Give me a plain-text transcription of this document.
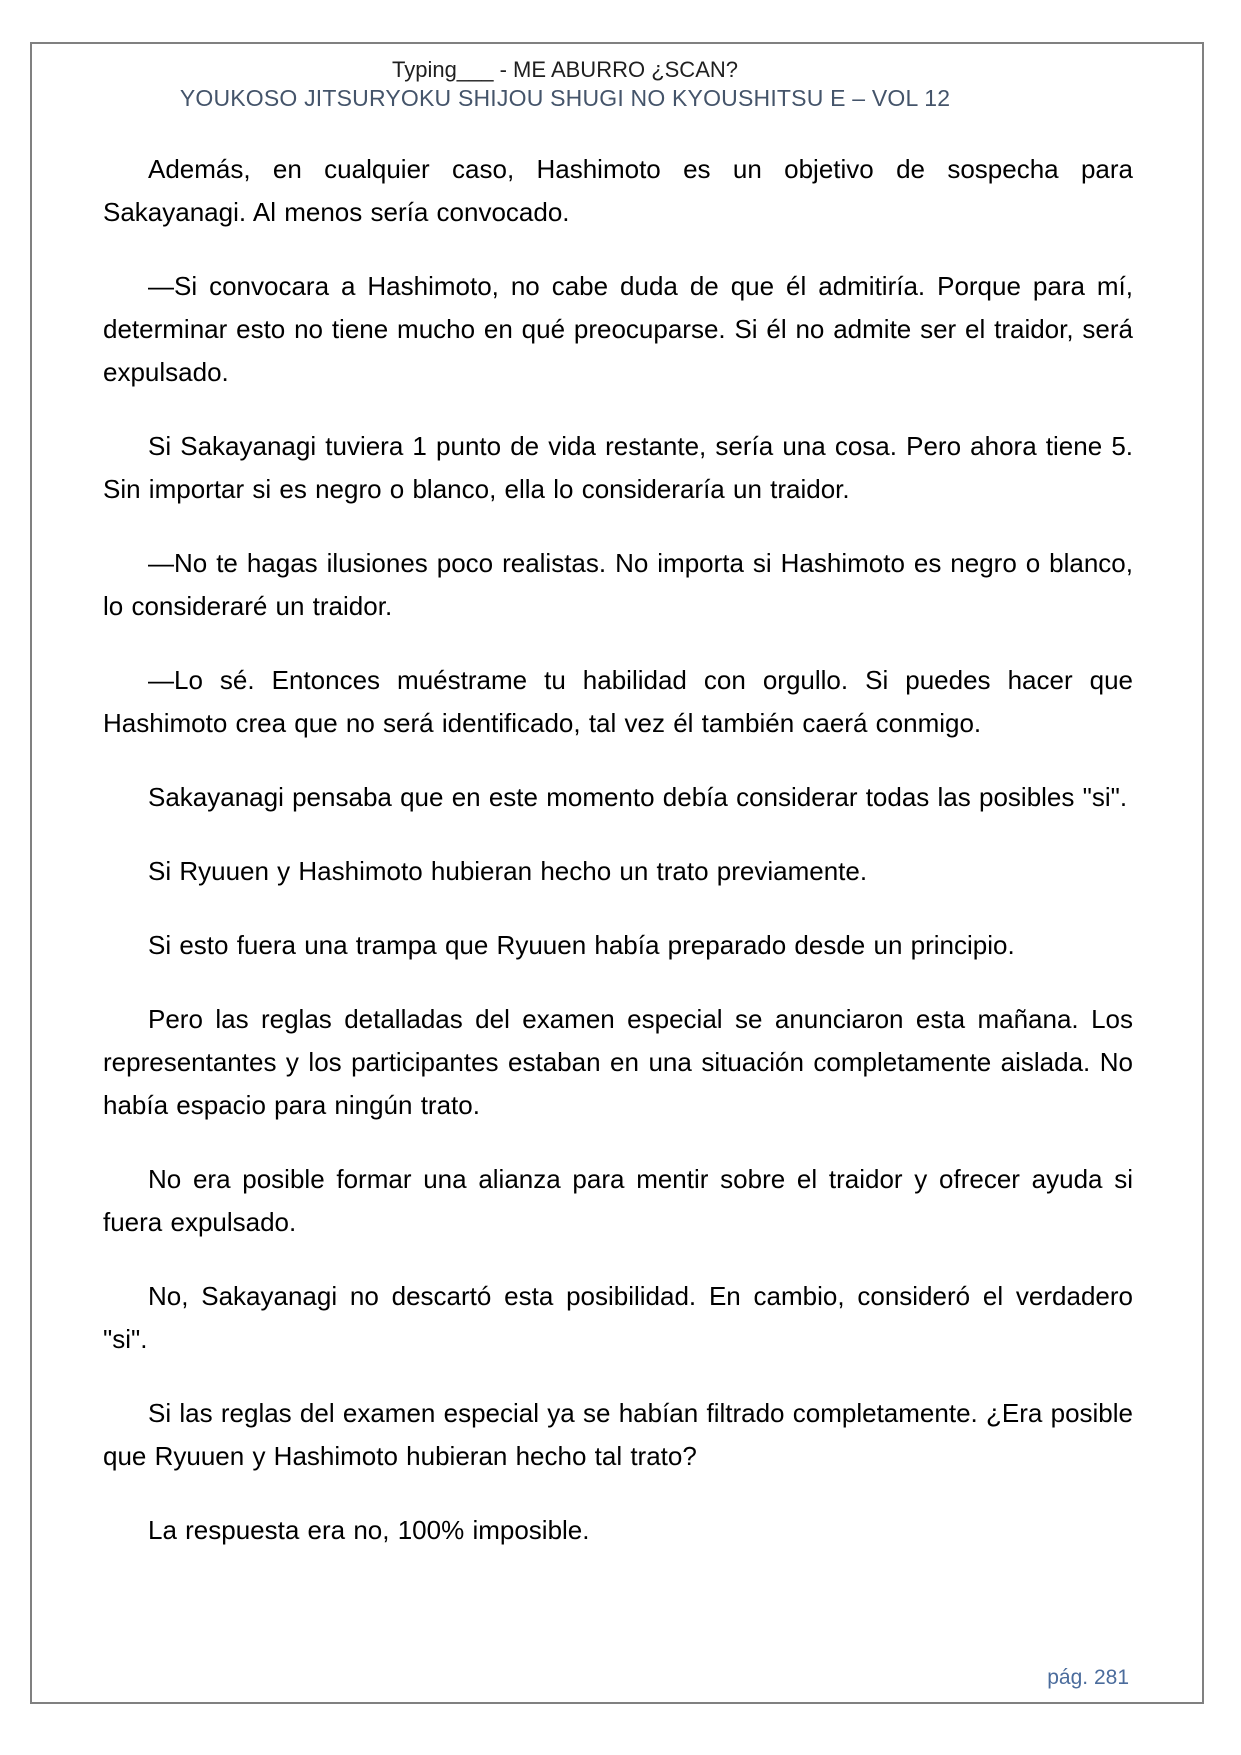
Typing___ - ME ABURRO ¿SCAN?
YOUKOSO JITSURYOKU SHIJOU SHUGI NO KYOUSHITSU E – VOL 12

Además, en cualquier caso, Hashimoto es un objetivo de sospecha para Sakayanagi. Al menos sería convocado.

—Si convocara a Hashimoto, no cabe duda de que él admitiría. Porque para mí, determinar esto no tiene mucho en qué preocuparse. Si él no admite ser el traidor, será expulsado.

Si Sakayanagi tuviera 1 punto de vida restante, sería una cosa. Pero ahora tiene 5. Sin importar si es negro o blanco, ella lo consideraría un traidor.

—No te hagas ilusiones poco realistas. No importa si Hashimoto es negro o blanco, lo consideraré un traidor.

—Lo sé. Entonces muéstrame tu habilidad con orgullo. Si puedes hacer que Hashimoto crea que no será identificado, tal vez él también caerá conmigo.

Sakayanagi pensaba que en este momento debía considerar todas las posibles "si".

Si Ryuuen y Hashimoto hubieran hecho un trato previamente.

Si esto fuera una trampa que Ryuuen había preparado desde un principio.

Pero las reglas detalladas del examen especial se anunciaron esta mañana. Los representantes y los participantes estaban en una situación completamente aislada. No había espacio para ningún trato.

No era posible formar una alianza para mentir sobre el traidor y ofrecer ayuda si fuera expulsado.

No, Sakayanagi no descartó esta posibilidad. En cambio, consideró el verdadero "si".

Si las reglas del examen especial ya se habían filtrado completamente. ¿Era posible que Ryuuen y Hashimoto hubieran hecho tal trato?

La respuesta era no, 100% imposible.

pág. 281
